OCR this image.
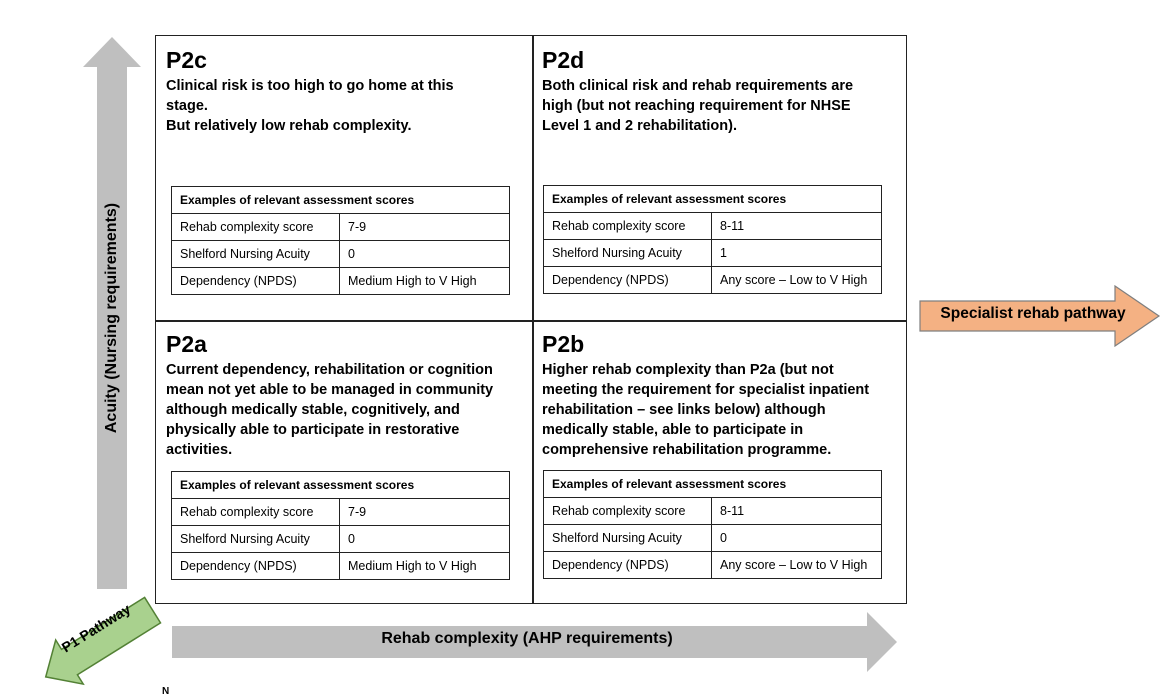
Acuity (Nursing requirements)
Rehab complexity (AHP requirements)
Specialist rehab pathway
P1 Pathway
P2c
Clinical risk is too high to go home at this
stage.
But relatively low rehab complexity.
Examples of relevant assessment scores	
Rehab complexity score	7-9
Shelford Nursing Acuity	0
Dependency (NPDS)	Medium High to V High
P2d
Both clinical risk and rehab requirements are
high (but not reaching requirement for NHSE
Level 1 and 2 rehabilitation).
Examples of relevant assessment scores	
Rehab complexity score	8-11
Shelford Nursing Acuity	1
Dependency (NPDS)	Any score – Low to V High
P2a
Current dependency, rehabilitation or cognition
mean not yet able to be managed in community
although medically stable, cognitively, and
physically able to participate in restorative
activities.
Examples of relevant assessment scores	
Rehab complexity score	7-9
Shelford Nursing Acuity	0
Dependency (NPDS)	Medium High to V High
P2b
Higher rehab complexity than P2a (but not
meeting the requirement for specialist inpatient
rehabilitation – see links below) although
medically stable, able to participate in
comprehensive rehabilitation programme.
Examples of relevant assessment scores	
Rehab complexity score	8-11
Shelford Nursing Acuity	0
Dependency (NPDS)	Any score – Low to V High
N
